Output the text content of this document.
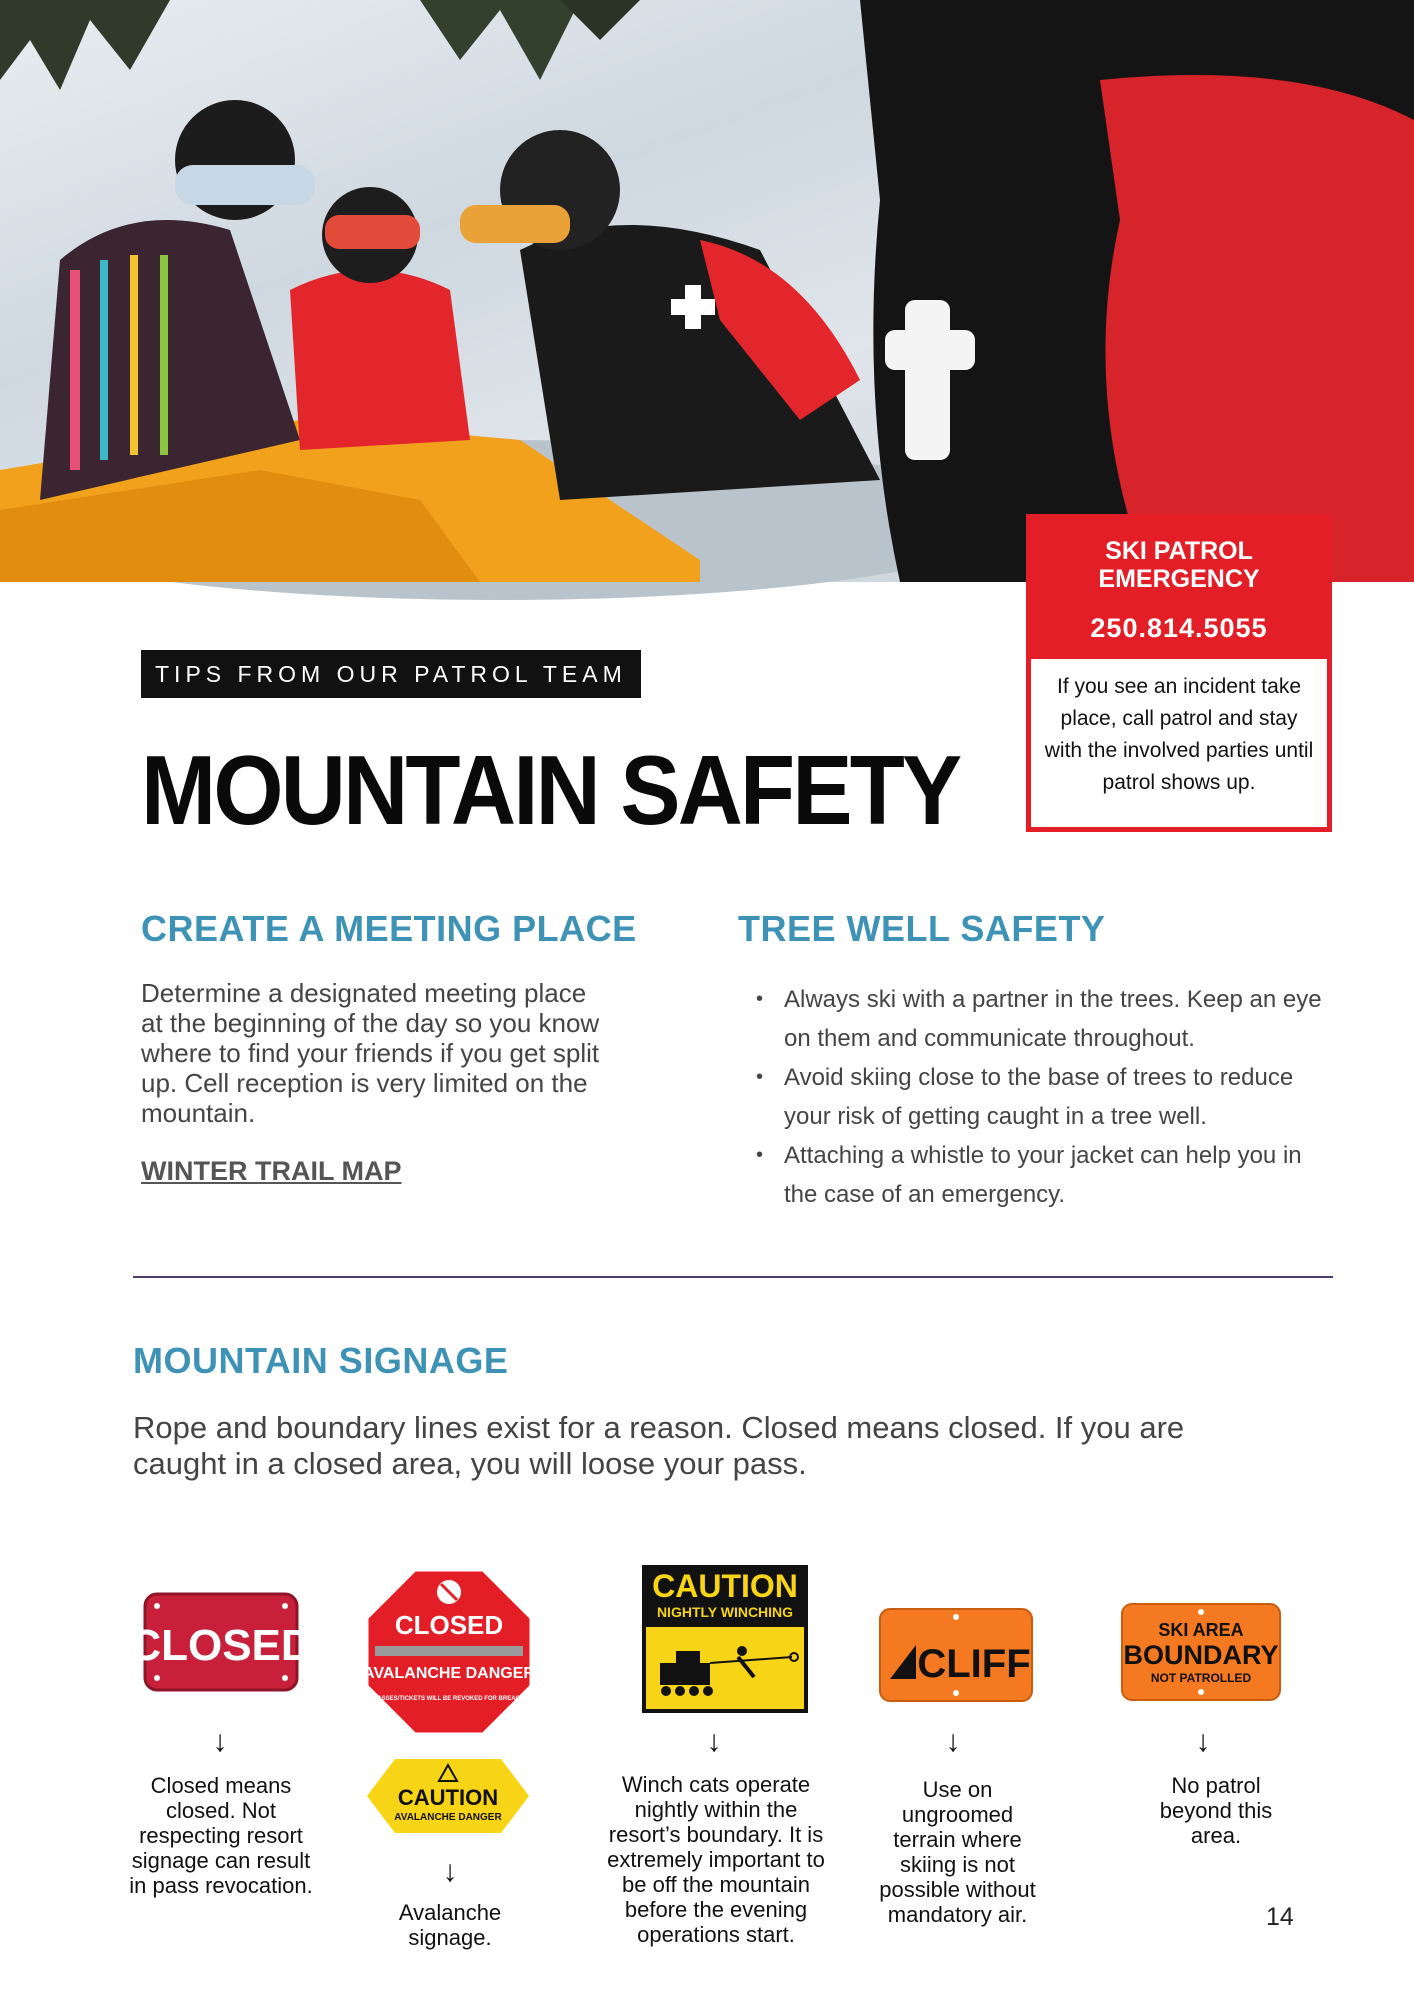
SKI PATROL EMERGENCY
250.814.5055
If you see an incident take place, call patrol and stay with the involved parties until patrol shows up.
TIPS FROM OUR PATROL TEAM
MOUNTAIN SAFETY
CREATE A MEETING PLACE
Determine a designated meeting place at the beginning of the day so you know where to find your friends if you get split up. Cell reception is very limited on the mountain.
WINTER TRAIL MAP
TREE WELL SAFETY
• Always ski with a partner in the trees. Keep an eye on them and communicate throughout.
• Avoid skiing close to the base of trees to reduce your risk of getting caught in a tree well.
• Attaching a whistle to your jacket can help you in the case of an emergency.
MOUNTAIN SIGNAGE
Rope and boundary lines exist for a reason. Closed means closed. If you are caught in a closed area, you will loose your pass.
CLOSED
↓
Closed means closed. Not respecting resort signage can result in pass revocation.
CLOSED
AVALANCHE DANGER
PASSES/TICKETS WILL BE REVOKED FOR BREACH
CAUTION
AVALANCHE DANGER
↓
Avalanche signage.
CAUTION
NIGHTLY WINCHING
↓
Winch cats operate nightly within the resort’s boundary. It is extremely important to be off the mountain before the evening operations start.
CLIFF
↓
Use on ungroomed terrain where skiing is not possible without mandatory air.
SKI AREA
BOUNDARY
NOT PATROLLED
↓
No patrol beyond this area.
14
